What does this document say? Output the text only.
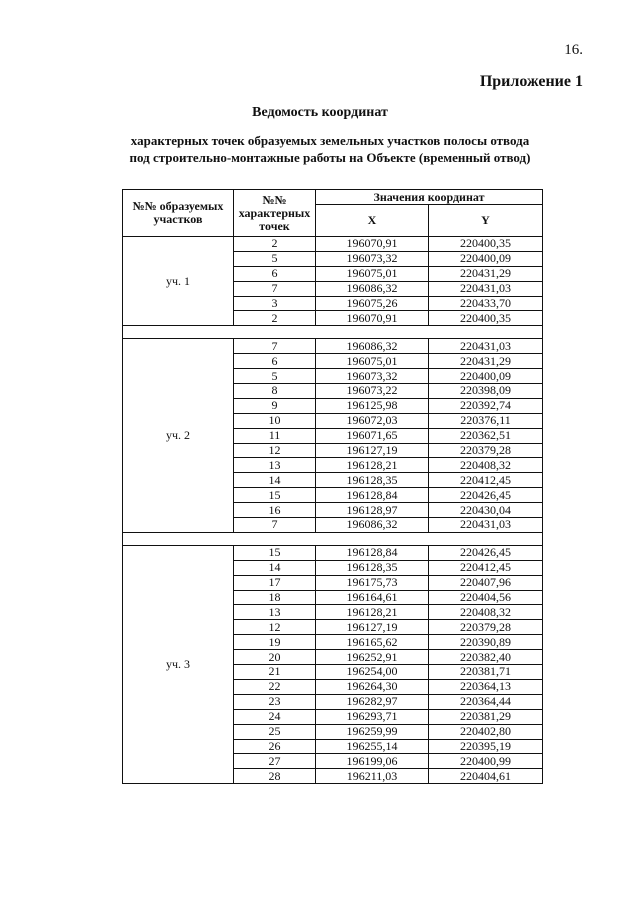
16.
Приложение 1
Ведомость координат
характерных точек образуемых земельных участков полосы отвода под строительно-монтажные работы на Объекте (временный отвод)
№№ образуемых участков	№№ характерных точек	Значения координат	
		X	Y
уч. 1	2	196070,91	220400,35
	5	196073,32	220400,09
	6	196075,01	220431,29
	7	196086,32	220431,03
	3	196075,26	220433,70
	2	196070,91	220400,35

уч. 2	7	196086,32	220431,03
	6	196075,01	220431,29
	5	196073,32	220400,09
	8	196073,22	220398,09
	9	196125,98	220392,74
	10	196072,03	220376,11
	11	196071,65	220362,51
	12	196127,19	220379,28
	13	196128,21	220408,32
	14	196128,35	220412,45
	15	196128,84	220426,45
	16	196128,97	220430,04
	7	196086,32	220431,03

уч. 3	15	196128,84	220426,45
	14	196128,35	220412,45
	17	196175,73	220407,96
	18	196164,61	220404,56
	13	196128,21	220408,32
	12	196127,19	220379,28
	19	196165,62	220390,89
	20	196252,91	220382,40
	21	196254,00	220381,71
	22	196264,30	220364,13
	23	196282,97	220364,44
	24	196293,71	220381,29
	25	196259,99	220402,80
	26	196255,14	220395,19
	27	196199,06	220400,99
	28	196211,03	220404,61
